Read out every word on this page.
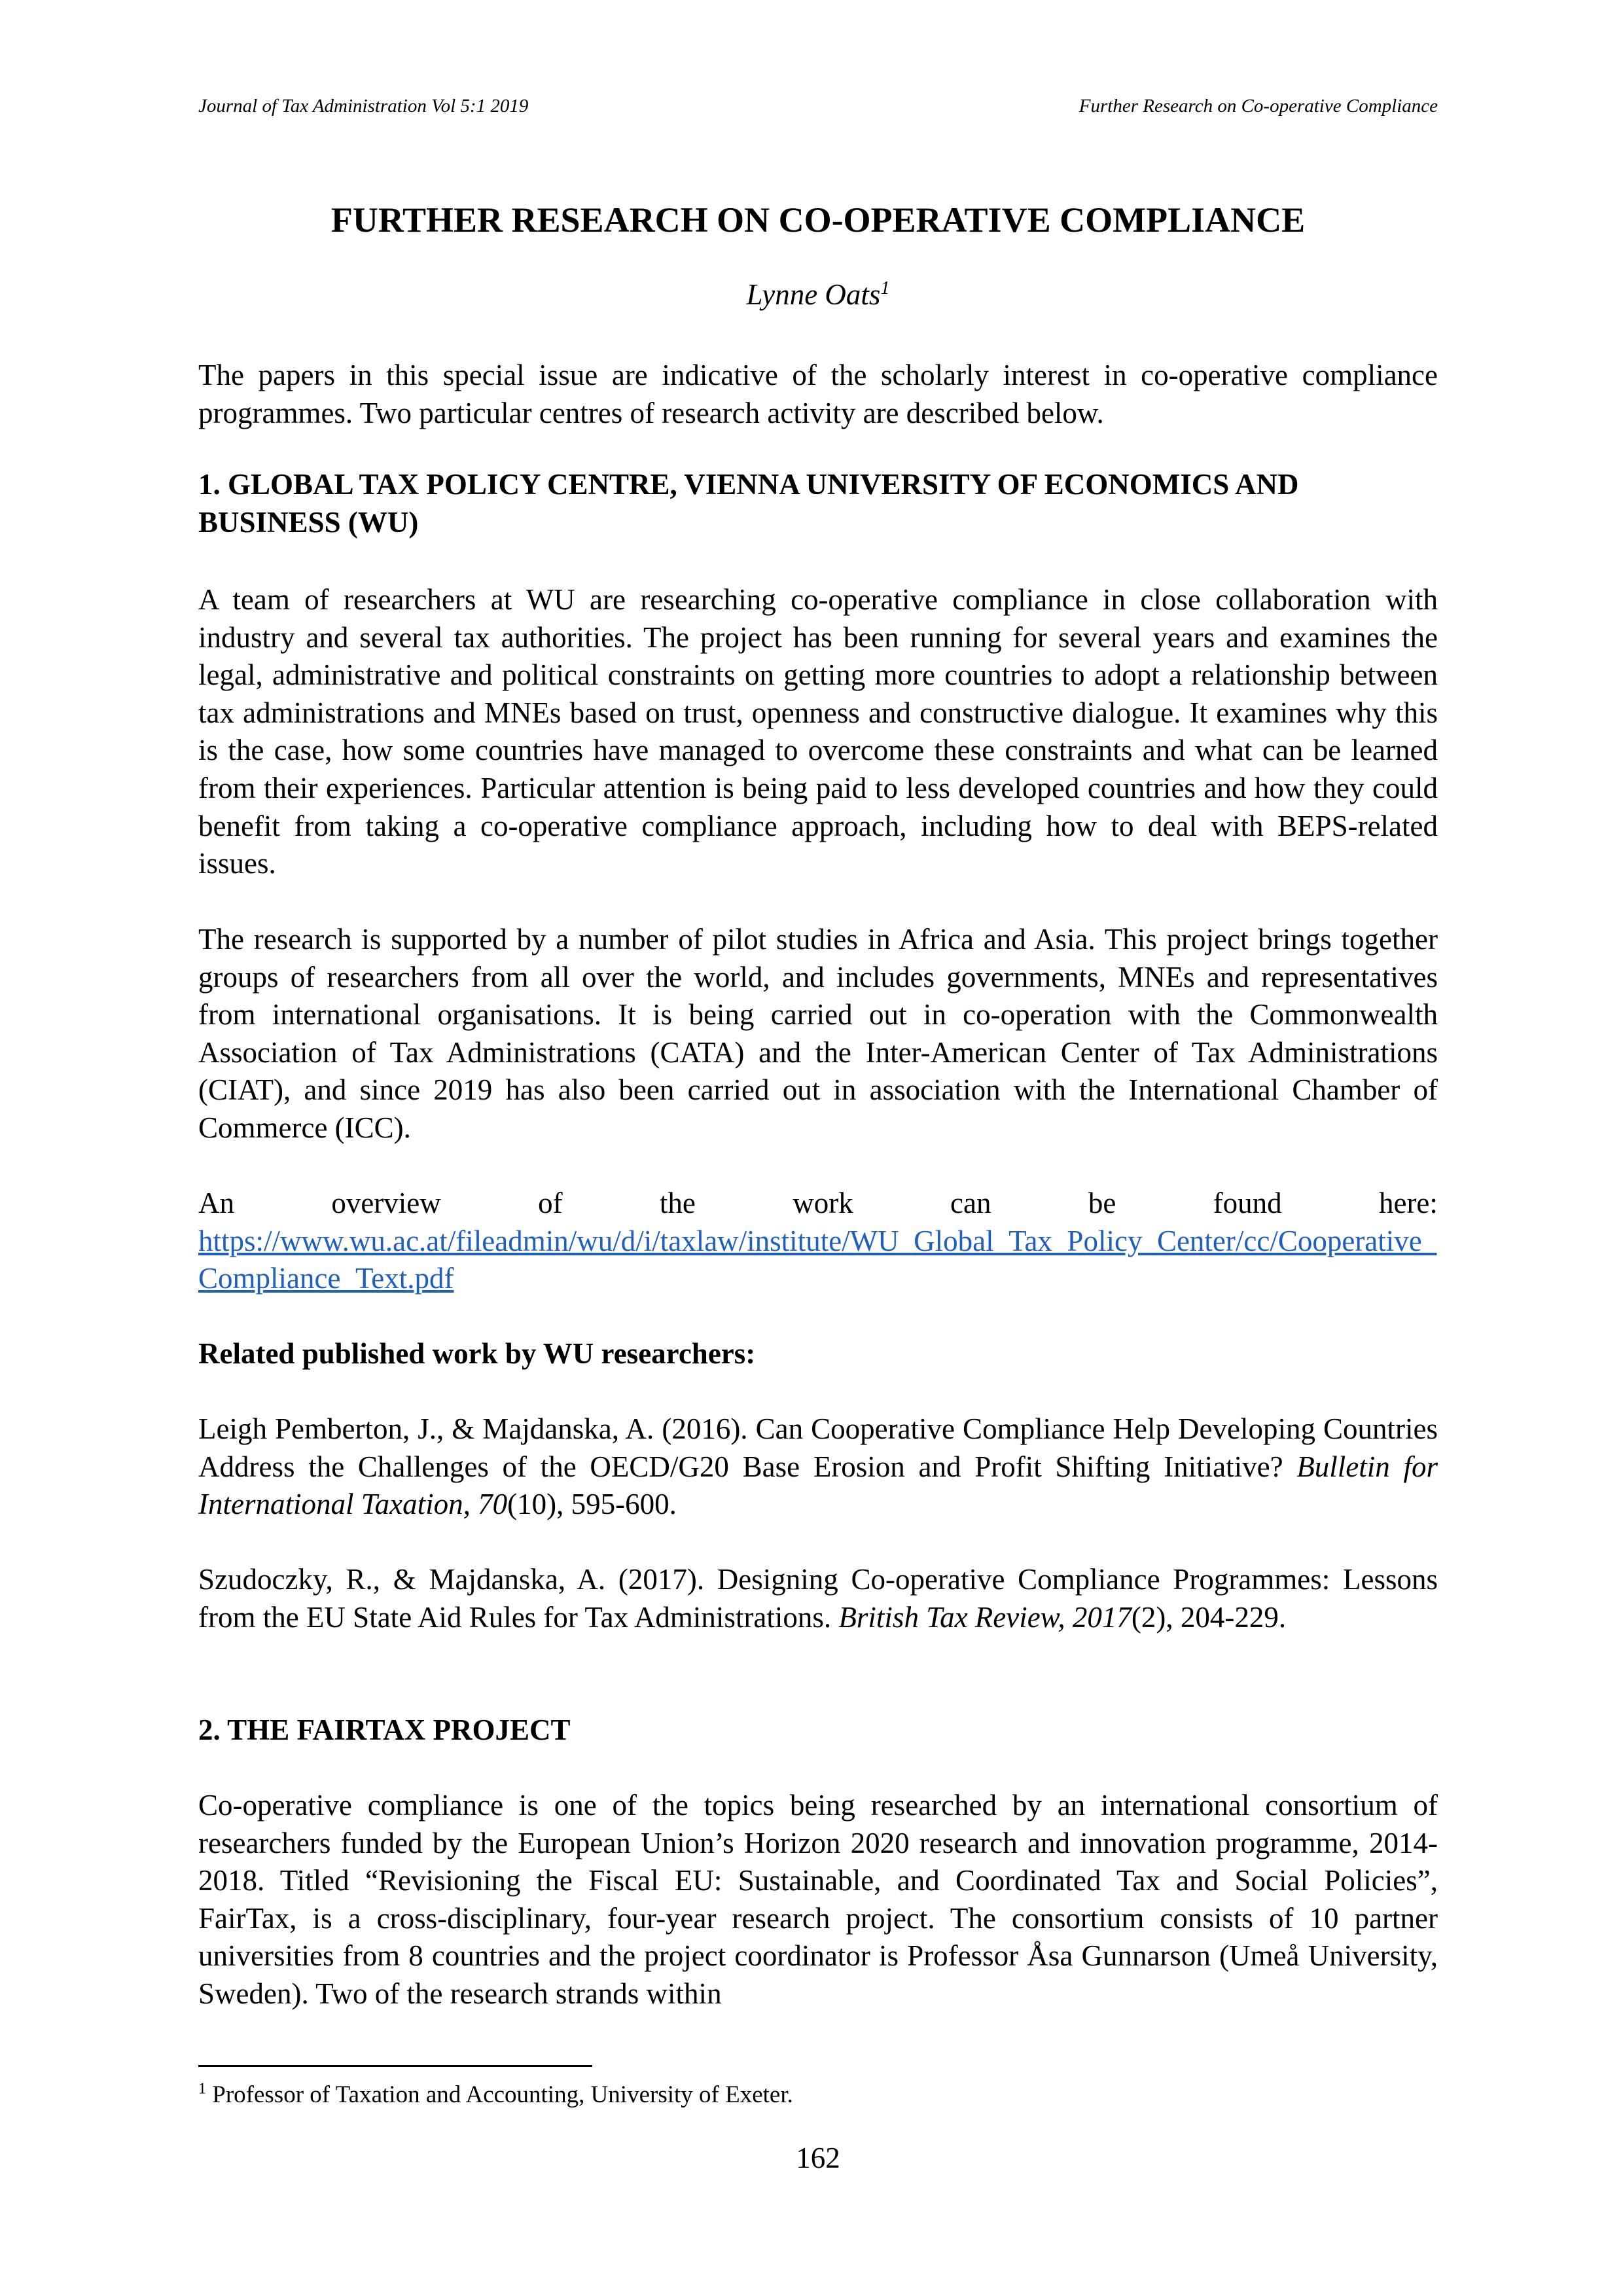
Journal of Tax Administration Vol 5:1 2019	Further Research on Co-operative Compliance
FURTHER RESEARCH ON CO-OPERATIVE COMPLIANCE

Lynne Oats$^1$

The papers in this special issue are indicative of the scholarly interest in co-operative compliance programmes. Two particular centres of research activity are described below.

1. GLOBAL TAX POLICY CENTRE, VIENNA UNIVERSITY OF ECONOMICS AND BUSINESS (WU)

A team of researchers at WU are researching co-operative compliance in close collaboration with industry and several tax authorities. The project has been running for several years and examines the legal, administrative and political constraints on getting more countries to adopt a relationship between tax administrations and MNEs based on trust, openness and constructive dialogue. It examines why this is the case, how some countries have managed to overcome these constraints and what can be learned from their experiences. Particular attention is being paid to less developed countries and how they could benefit from taking a co-operative compliance approach, including how to deal with BEPS-related issues.

The research is supported by a number of pilot studies in Africa and Asia. This project brings together groups of researchers from all over the world, and includes governments, MNEs and representatives from international organisations. It is being carried out in co-operation with the Commonwealth Association of Tax Administrations (CATA) and the Inter-American Center of Tax Administrations (CIAT), and since 2019 has also been carried out in association with the International Chamber of Commerce (ICC).

An	overview	of	the	work	can	be	found	here:
https://www.wu.ac.at/fileadmin/wu/d/i/taxlaw/institute/WU_Global_Tax_Policy_Center/cc/Cooperative_Compliance_Text.pdf

Related published work by WU researchers:

Leigh Pemberton, J., & Majdanska, A. (2016). Can Cooperative Compliance Help Developing Countries Address the Challenges of the OECD/G20 Base Erosion and Profit Shifting Initiative? Bulletin for International Taxation, 70(10), 595-600.

Szudoczky, R., & Majdanska, A. (2017). Designing Co-operative Compliance Programmes: Lessons from the EU State Aid Rules for Tax Administrations. British Tax Review, 2017(2), 204-229.

2. THE FAIRTAX PROJECT

Co-operative compliance is one of the topics being researched by an international consortium of researchers funded by the European Union’s Horizon 2020 research and innovation programme, 2014-2018. Titled “Revisioning the Fiscal EU: Sustainable, and Coordinated Tax and Social Policies”, FairTax, is a cross-disciplinary, four-year research project. The consortium consists of 10 partner universities from 8 countries and the project coordinator is Professor Åsa Gunnarson (Umeå University, Sweden). Two of the research strands within

$^1$ Professor of Taxation and Accounting, University of Exeter.

162
